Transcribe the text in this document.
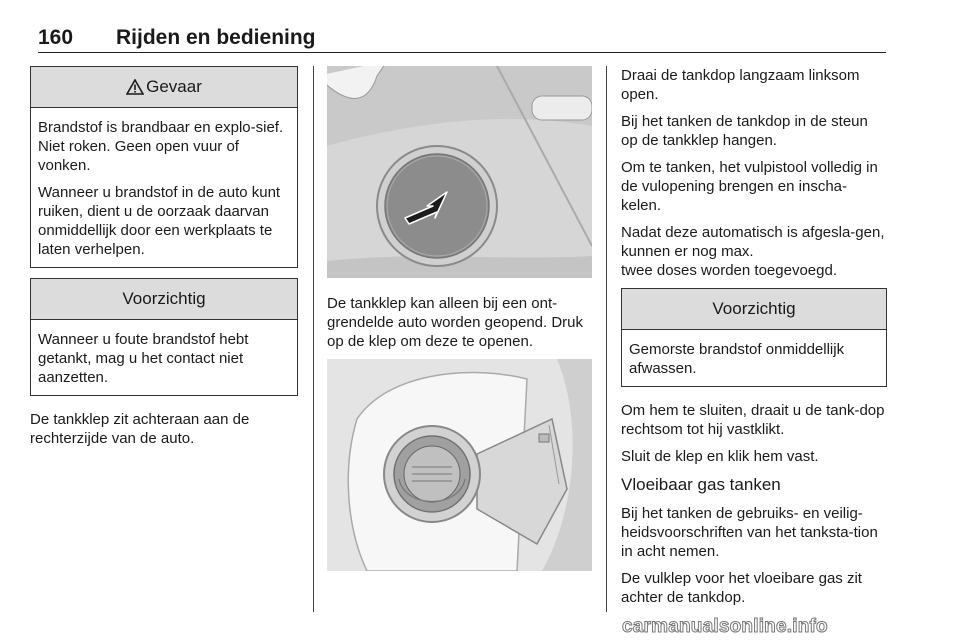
160 Rijden en bediening
Gevaar

Brandstof is brandbaar en explo-sief. Niet roken. Geen open vuur of vonken.

Wanneer u brandstof in de auto kunt ruiken, dient u de oorzaak daarvan onmiddellijk door een werkplaats te laten verhelpen.

Voorzichtig

Wanneer u foute brandstof hebt getankt, mag u het contact niet aanzetten.

De tankklep zit achteraan aan de rechterzijde van de auto.

De tankklep kan alleen bij een ont-grendelde auto worden geopend. Druk op de klep om deze te openen.

Draai de tankdop langzaam linksom open.

Bij het tanken de tankdop in de steun op de tankklep hangen.

Om te tanken, het vulpistool volledig in de vulopening brengen en inscha-kelen.

Nadat deze automatisch is afgesla-gen, kunnen er nog max.

twee doses worden toegevoegd.

Voorzichtig

Gemorste brandstof onmiddellijk afwassen.

Om hem te sluiten, draait u de tank-dop rechtsom tot hij vastklikt.

Sluit de klep en klik hem vast.

Vloeibaar gas tanken

Bij het tanken de gebruiks- en veilig-heidsvoorschriften van het tanksta-tion in acht nemen.

De vulklep voor het vloeibare gas zit achter de tankdop.

carmanualsonline.info
